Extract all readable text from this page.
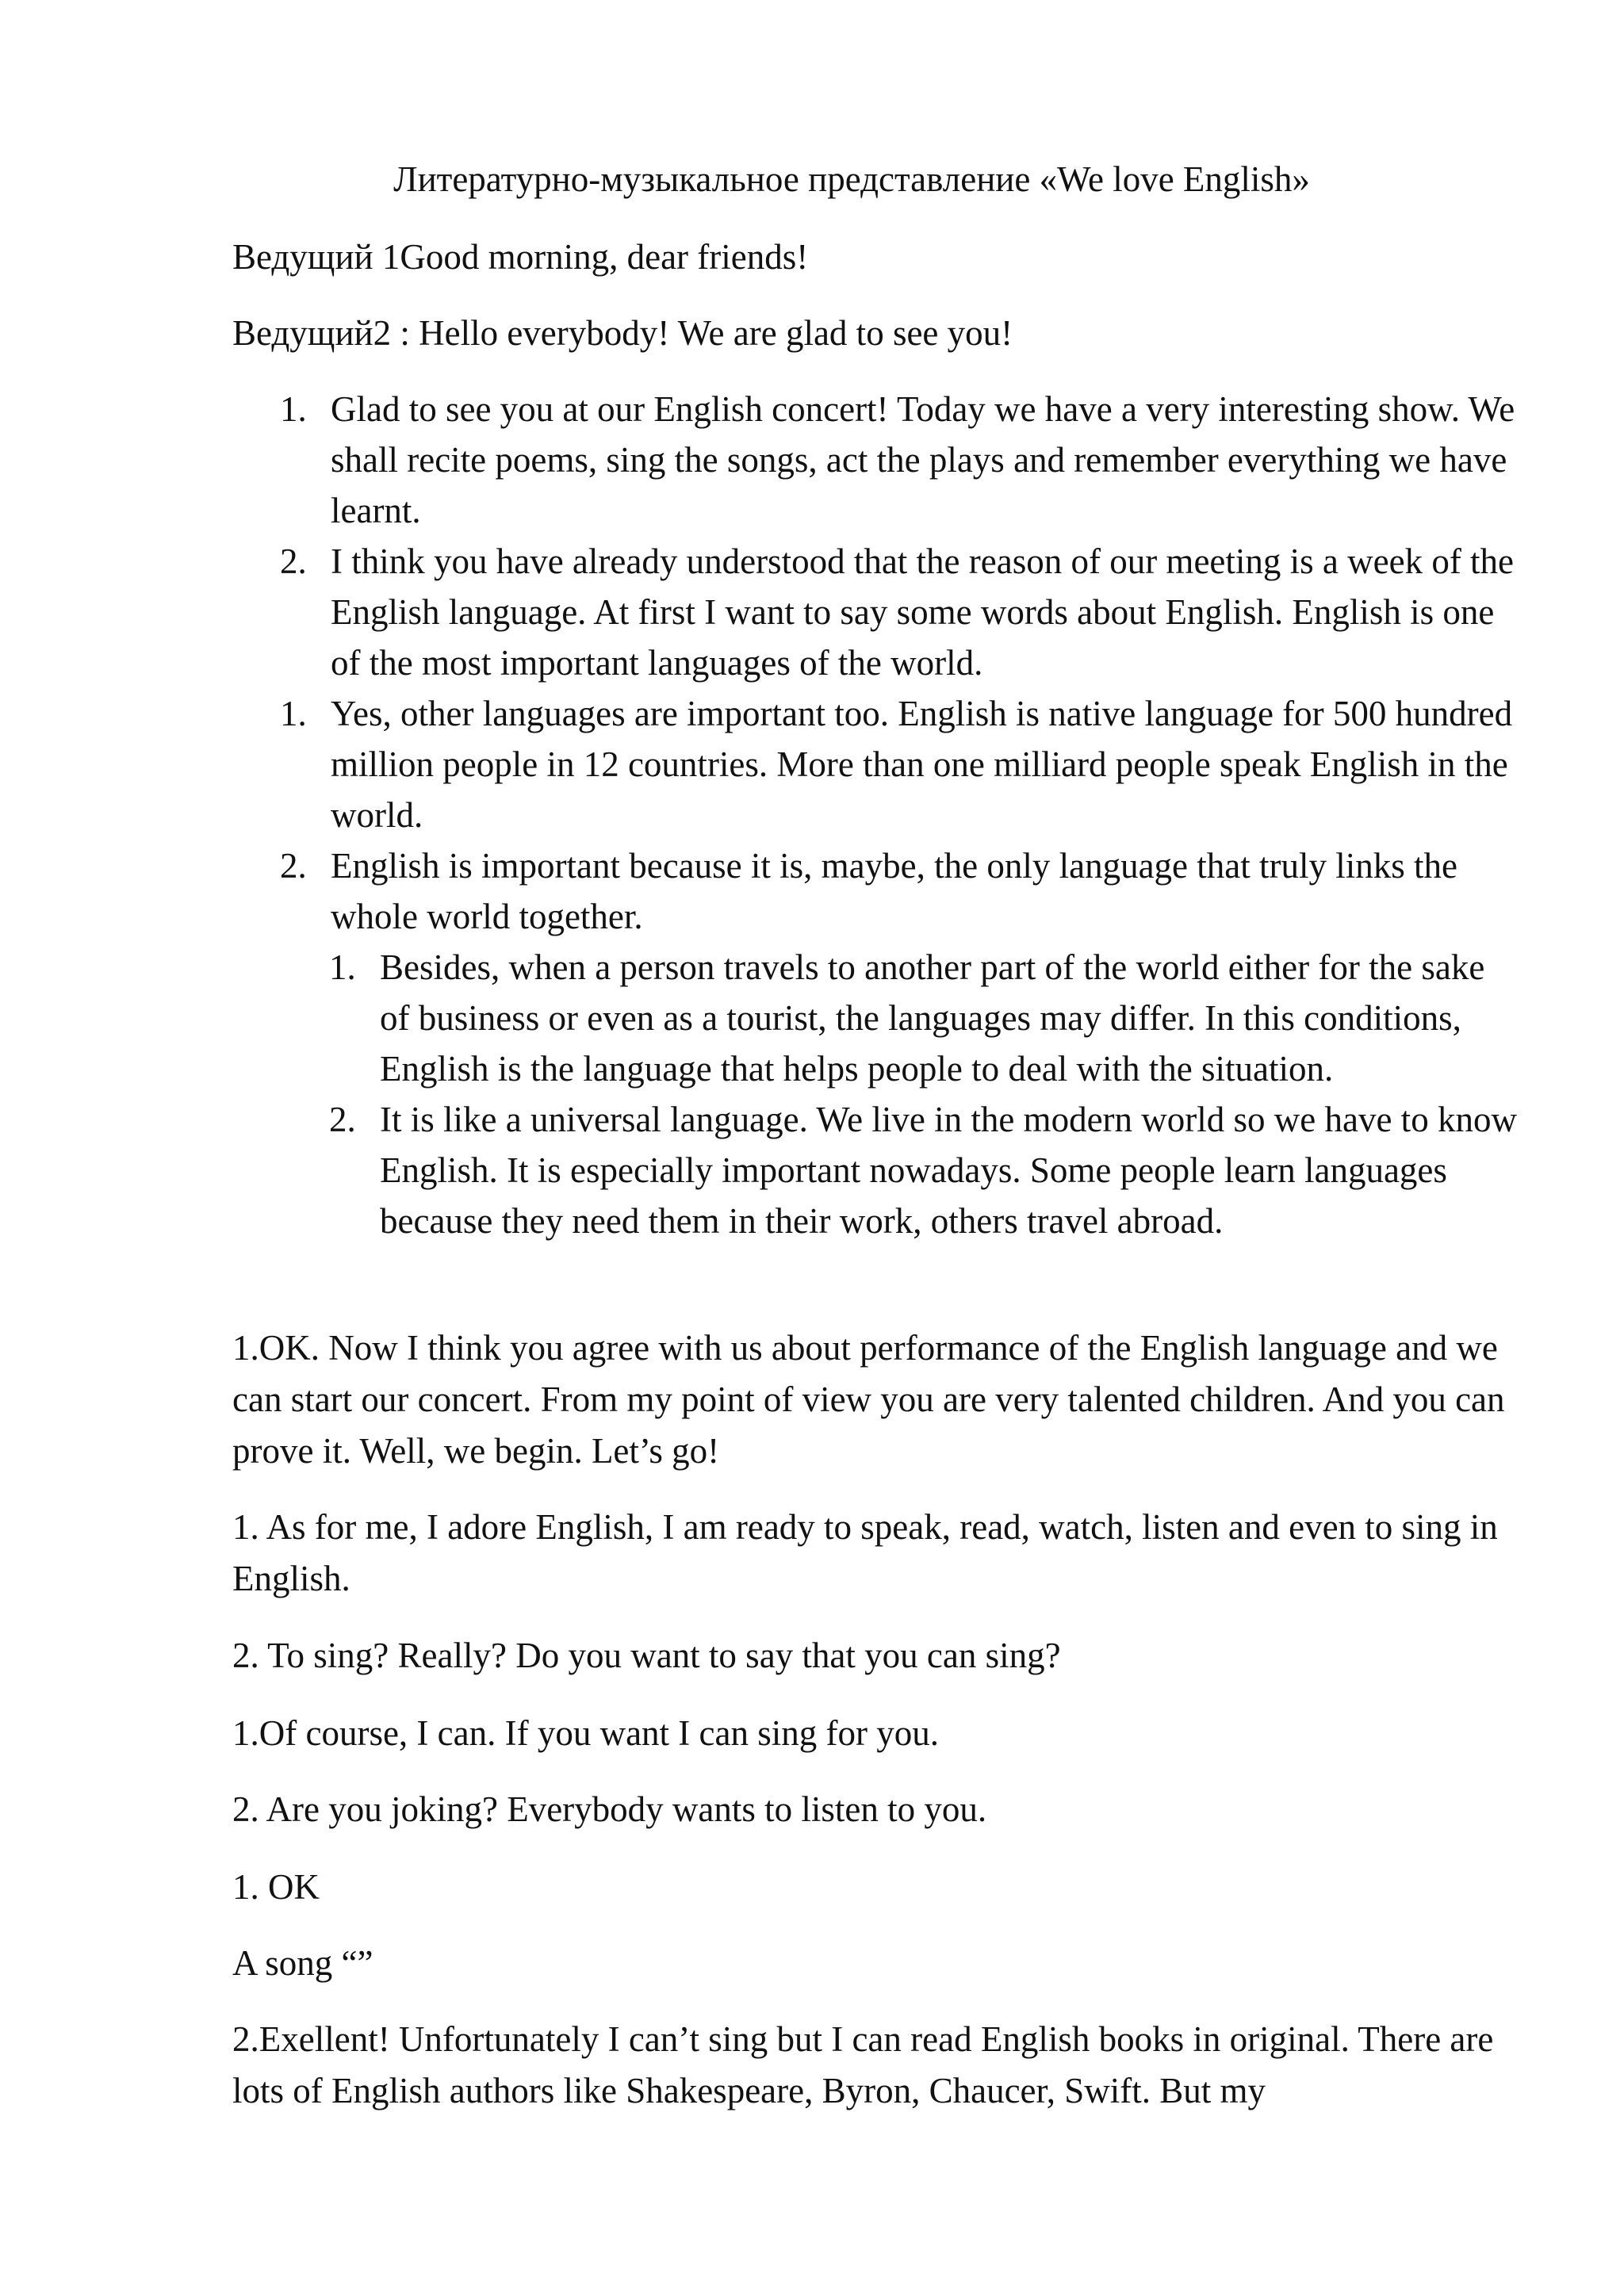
Литературно-музыкальное представление «We love English»

Ведущий 1Good morning, dear friends!

Ведущий2 : Hello everybody! We are glad to see you!

1. Glad to see you at our English concert! Today we have a very interesting show. We shall recite poems, sing the songs, act the plays and remember everything we have learnt.
2. I think you have already understood that the reason of our meeting is a week of the English language. At first I want to say some words about English. English is one of the most important languages of the world.
1. Yes, other languages are important too. English is native language for 500 hundred million people in 12 countries. More than one milliard people speak English in the world.
2. English is important because it is, maybe, the only language that truly links the whole world together.
1. Besides, when a person travels to another part of the world either for the sake of business or even as a tourist, the languages may differ. In this conditions, English is the language that helps people to deal with the situation.
2. It is like a universal language. We live in the modern world so we have to know English. It is especially important nowadays. Some people learn languages because they need them in their work, others travel abroad.

1.OK. Now I think you agree with us about performance of the English language and we can start our concert. From my point of view you are very talented children. And you can prove it. Well, we begin. Let’s go!

1. As for me, I adore English, I am ready to speak, read, watch, listen and even to sing in English.

2. To sing? Really? Do you want to say that you can sing?

1.Of course, I can. If you want I can sing for you.

2. Are you joking? Everybody wants to listen to you.

1. OK

A song “”

2.Exellent! Unfortunately I can’t sing but I can read English books in original. There are lots of English authors like Shakespeare, Byron, Chaucer, Swift. But my
